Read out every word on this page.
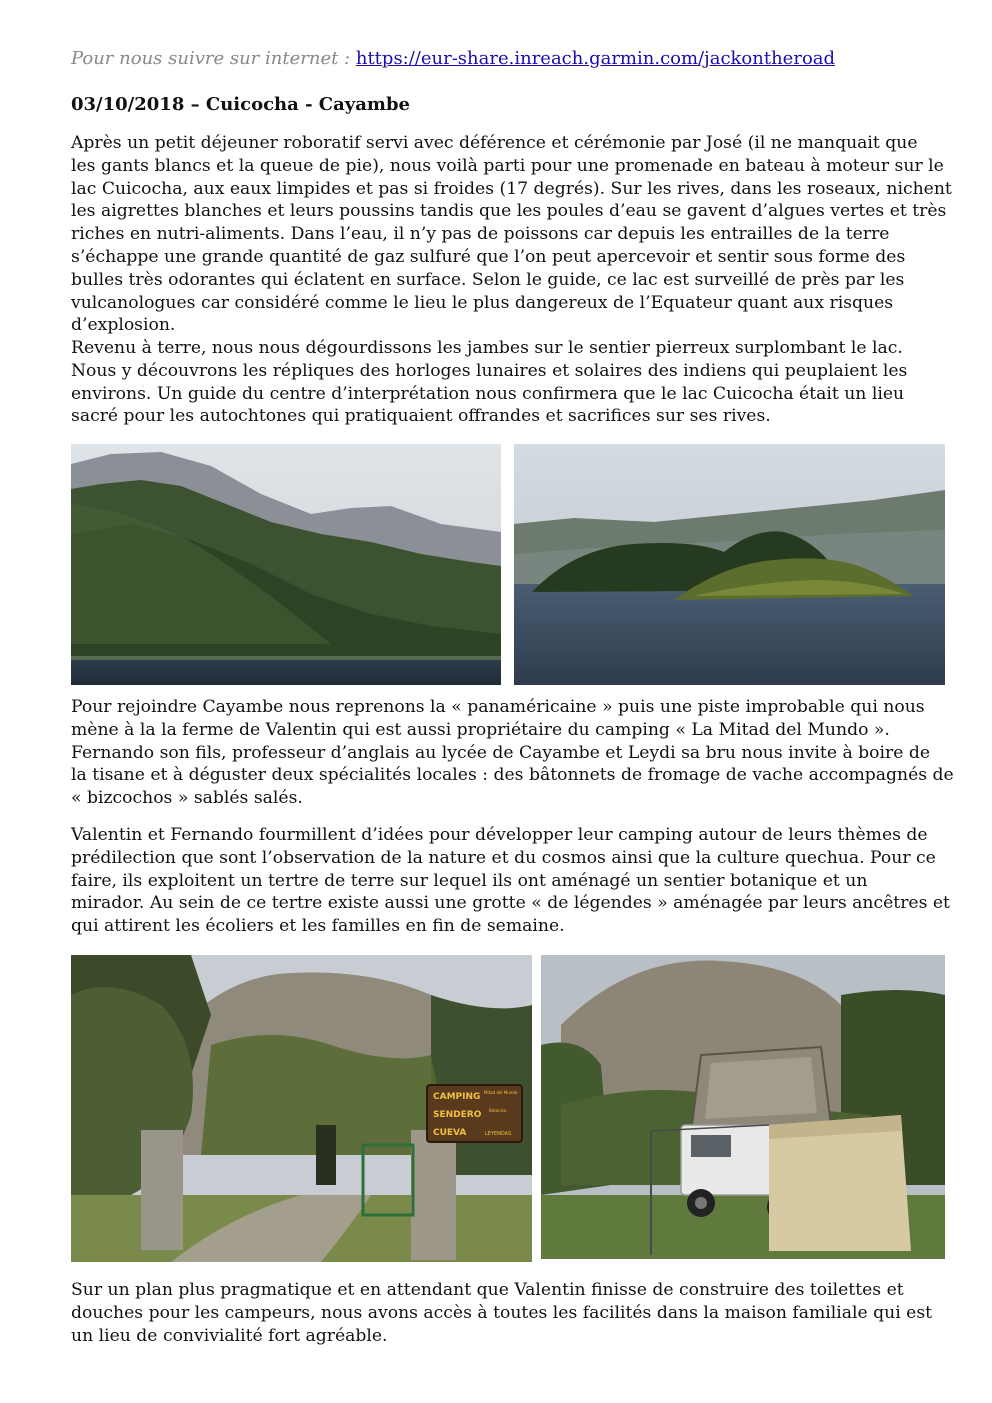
Pour nous suivre sur internet : https://eur-share.inreach.garmin.com/jackontheroad
03/10/2018 – Cuicocha - Cayambe
Après un petit déjeuner roboratif servi avec déférence et cérémonie par José (il ne manquait que
les gants blancs et la queue de pie), nous voilà parti pour une promenade en bateau à moteur sur le
lac Cuicocha, aux eaux limpides et pas si froides (17 degrés). Sur les rives, dans les roseaux, nichent
les aigrettes blanches et leurs poussins tandis que les poules d’eau se gavent d’algues vertes et très
riches en nutri-aliments. Dans l’eau, il n’y pas de poissons car depuis les entrailles de la terre
s’échappe une grande quantité de gaz sulfuré que l’on peut apercevoir et sentir sous forme des
bulles très odorantes qui éclatent en surface. Selon le guide, ce lac est surveillé de près par les
vulcanologues car considéré comme le lieu le plus dangereux de l’Equateur quant aux risques
d’explosion.
Revenu à terre, nous nous dégourdissons les jambes sur le sentier pierreux surplombant le lac.
Nous y découvrons les répliques des horloges lunaires et solaires des indiens qui peuplaient les
environs. Un guide du centre d’interprétation nous confirmera que le lac Cuicocha était un lieu
sacré pour les autochtones qui pratiquaient offrandes et sacrifices sur ses rives.
Pour rejoindre Cayambe nous reprenons la « panaméricaine » puis une piste improbable qui nous
mène à la la ferme de Valentin qui est aussi propriétaire du camping « La Mitad del Mundo ».
Fernando son fils, professeur d’anglais au lycée de Cayambe et Leydi sa bru nous invite à boire de
la tisane et à déguster deux spécialités locales : des bâtonnets de fromage de vache accompagnés de
« bizcochos » sablés salés.
Valentin et Fernando fourmillent d’idées pour développer leur camping autour de leurs thèmes de
prédilection que sont l’observation de la nature et du cosmos ainsi que la culture quechua. Pour ce
faire, ils exploitent un tertre de terre sur lequel ils ont aménagé un sentier botanique et un
mirador. Au sein de ce tertre existe aussi une grotte « de légendes » aménagée par leurs ancêtres et
qui attirent les écoliers et les familles en fin de semaine.
CAMPING
SENDERO
CUEVA
Mitad del Mundo
Botanico
LEYENDAS
Sur un plan plus pragmatique et en attendant que Valentin finisse de construire des toilettes et
douches pour les campeurs, nous avons accès à toutes les facilités dans la maison familiale qui est
un lieu de convivialité fort agréable.
